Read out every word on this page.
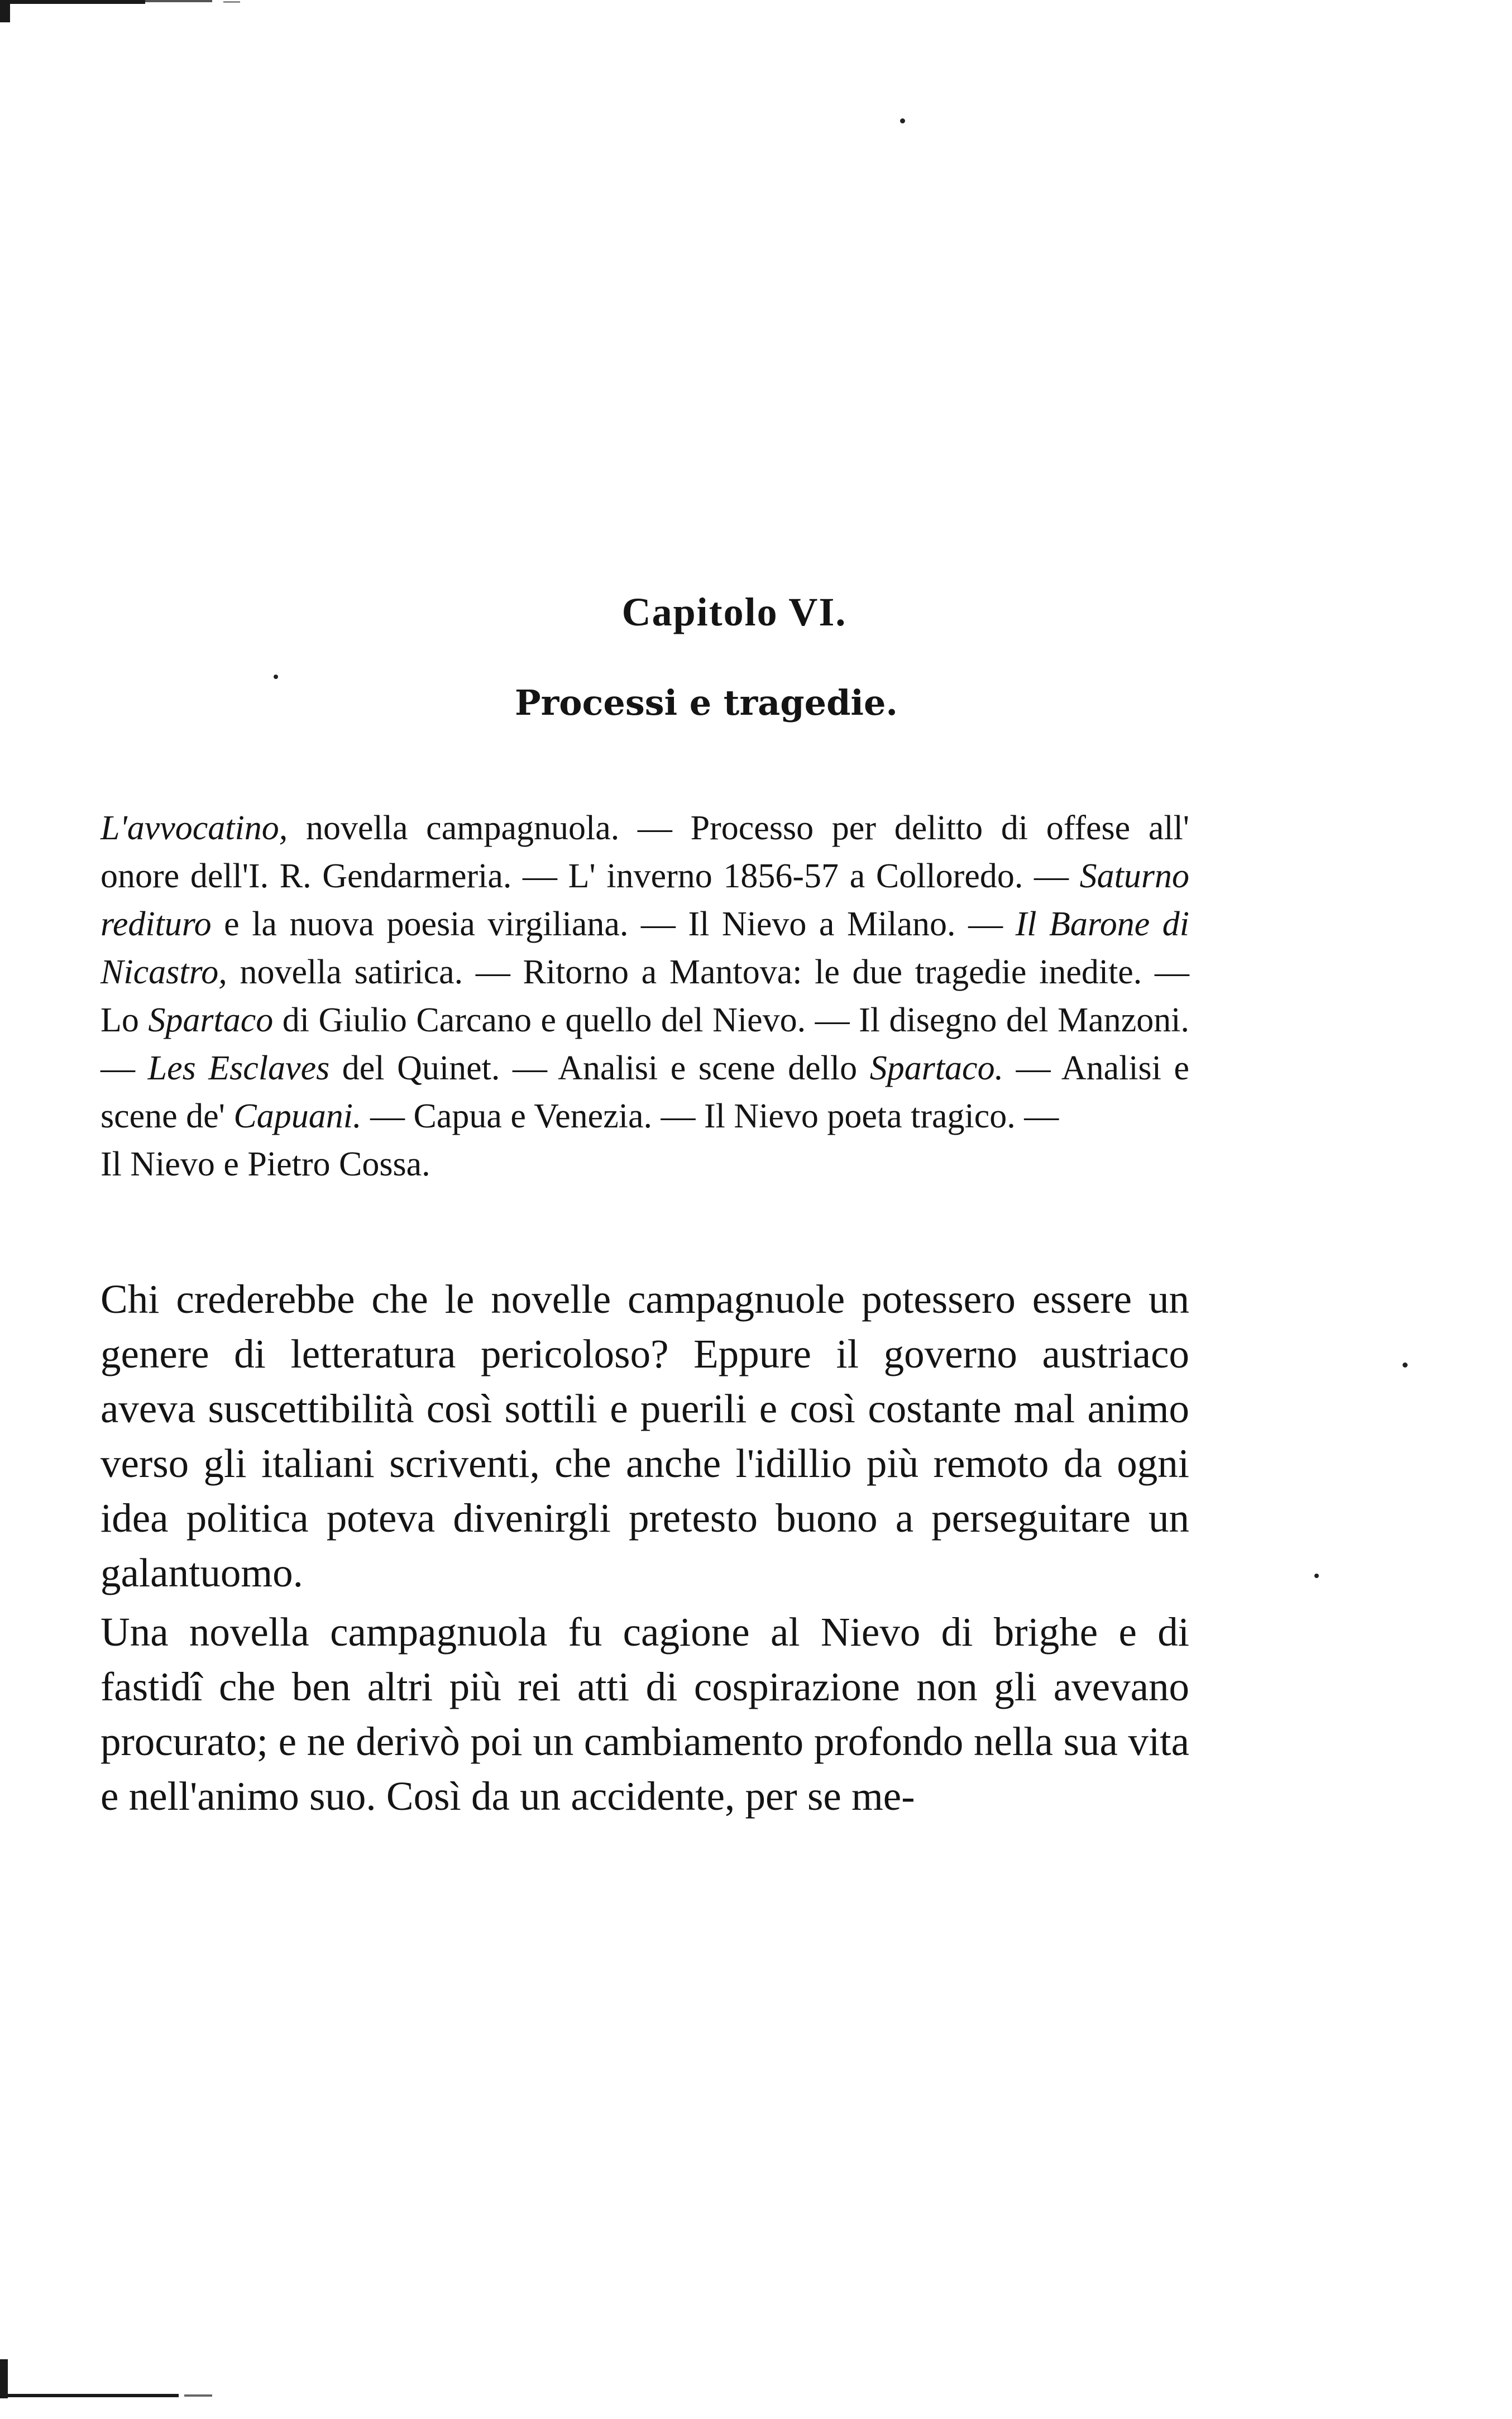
Capitolo VI.
Processi e tragedie.
L'avvocatino, novella campagnuola. — Processo per delitto di offese all' onore dell'I. R. Gendarmeria. — L' inverno 1856-57 a Colloredo. — Saturno redituro e la nuova poesia virgiliana. — Il Nievo a Milano. — Il Barone di Nicastro, novella satirica. — Ritorno a Mantova: le due tragedie inedite. — Lo Spartaco di Giulio Carcano e quello del Nievo. — Il disegno del Manzoni. — Les Esclaves del Quinet. — Analisi e scene dello Spartaco. — Analisi e scene de' Capuani. — Capua e Venezia. — Il Nievo poeta tragico. —
Il Nievo e Pietro Cossa.

Chi crederebbe che le novelle campagnuole potessero essere un genere di letteratura pericoloso? Eppure il governo austriaco aveva suscettibilità così sottili e puerili e così costante mal animo verso gli italiani scriventi, che anche l'idillio più remoto da ogni idea politica poteva divenirgli pretesto buono a perseguitare un galantuomo.

Una novella campagnuola fu cagione al Nievo di brighe e di fastidî che ben altri più rei atti di cospirazione non gli avevano procurato; e ne derivò poi un cambiamento profondo nella sua vita e nell'animo suo. Così da un accidente, per se me-
